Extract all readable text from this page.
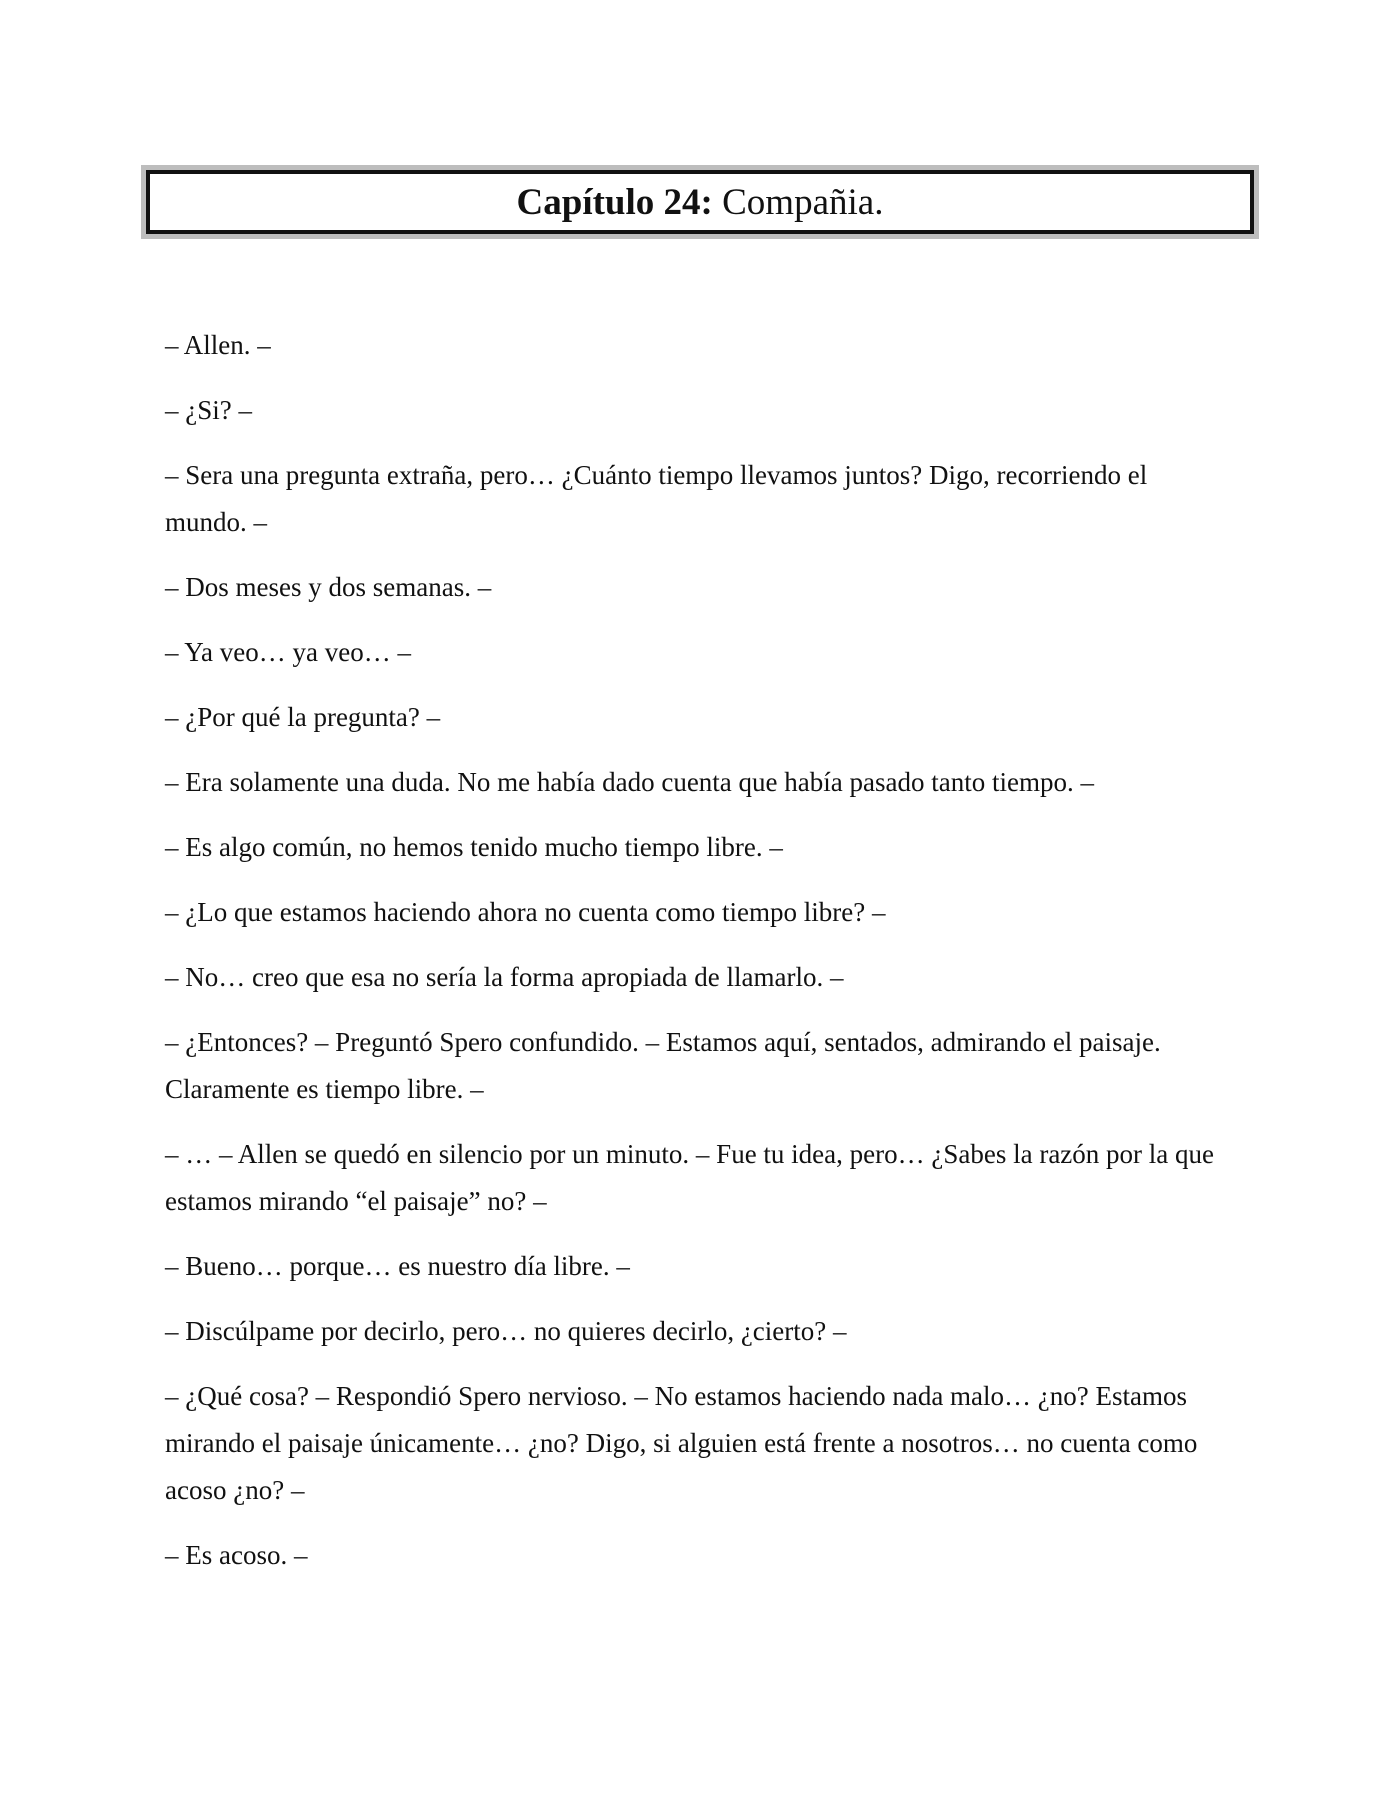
Capítulo 24:
Compañia.

– Allen. –

– ¿Si? –

– Sera una pregunta extraña, pero… ¿Cuánto tiempo llevamos juntos? Digo, recorriendo el mundo. –

– Dos meses y dos semanas. –

– Ya veo… ya veo… –

– ¿Por qué la pregunta? –

– Era solamente una duda. No me había dado cuenta que había pasado tanto tiempo. –

– Es algo común, no hemos tenido mucho tiempo libre. –

– ¿Lo que estamos haciendo ahora no cuenta como tiempo libre? –

– No… creo que esa no sería la forma apropiada de llamarlo. –

– ¿Entonces? – Preguntó Spero confundido. – Estamos aquí, sentados, admirando el paisaje. Claramente es tiempo libre. –

– … – Allen se quedó en silencio por un minuto. – Fue tu idea, pero… ¿Sabes la razón por la que estamos mirando “el paisaje” no? –

– Bueno… porque… es nuestro día libre. –

– Discúlpame por decirlo, pero… no quieres decirlo, ¿cierto? –

– ¿Qué cosa? – Respondió Spero nervioso. – No estamos haciendo nada malo… ¿no? Estamos mirando el paisaje únicamente… ¿no? Digo, si alguien está frente a nosotros… no cuenta como acoso ¿no? –

– Es acoso. –
